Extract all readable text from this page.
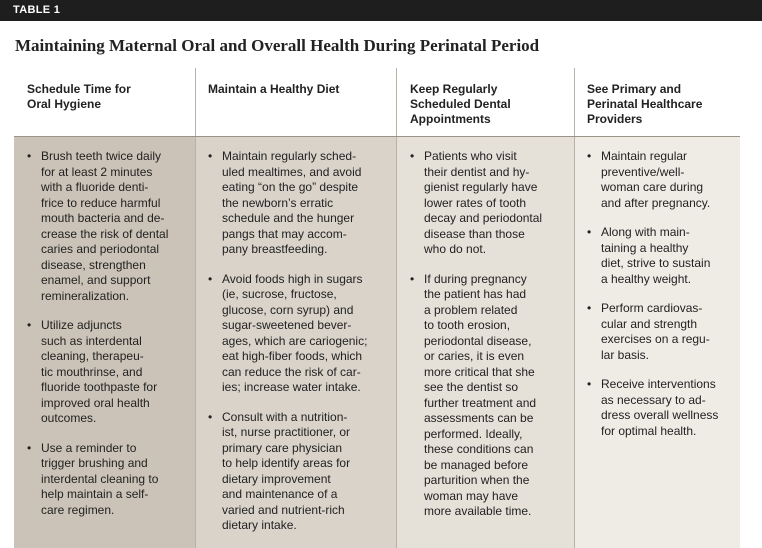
TABLE 1
Maintaining Maternal Oral and Overall Health During Perinatal Period
Schedule Time for
Oral Hygiene
Maintain a Healthy Diet	Keep Regularly
Scheduled Dental
Appointments
See Primary and
Perinatal Healthcare
Providers
• Brush teeth twice daily
for at least 2 minutes
with a fluoride denti-
frice to reduce harmful
mouth bacteria and de-
crease the risk of dental
caries and periodontal
disease, strengthen
enamel, and support
remineralization.
• Utilize adjuncts
such as interdental
cleaning, therapeu-
tic mouthrinse, and
fluoride toothpaste for
improved oral health
outcomes.
• Use a reminder to
trigger brushing and
interdental cleaning to
help maintain a self-
care regimen.
• Maintain regularly sched-
uled mealtimes, and avoid
eating “on the go” despite
the newborn’s erratic
schedule and the hunger
pangs that may accom-
pany breastfeeding.
• Avoid foods high in sugars
(ie, sucrose, fructose,
glucose, corn syrup) and
sugar-sweetened bever-
ages, which are cariogenic;
eat high-fiber foods, which
can reduce the risk of car-
ies; increase water intake.
• Consult with a nutrition-
ist, nurse practitioner, or
primary care physician
to help identify areas for
dietary improvement
and maintenance of a
varied and nutrient-rich
dietary intake.
• Patients who visit
their dentist and hy-
gienist regularly have
lower rates of tooth
decay and periodontal
disease than those
who do not.
• If during pregnancy
the patient has had
a problem related
to tooth erosion,
periodontal disease,
or caries, it is even
more critical that she
see the dentist so
further treatment and
assessments can be
performed. Ideally,
these conditions can
be managed before
parturition when the
woman may have
more available time.
• Maintain regular
preventive/well-
woman care during
and after pregnancy.
• Along with main-
taining a healthy
diet, strive to sustain
a healthy weight.
• Perform cardiovas-
cular and strength
exercises on a regu-
lar basis.
• Receive interventions
as necessary to ad-
dress overall wellness
for optimal health.
